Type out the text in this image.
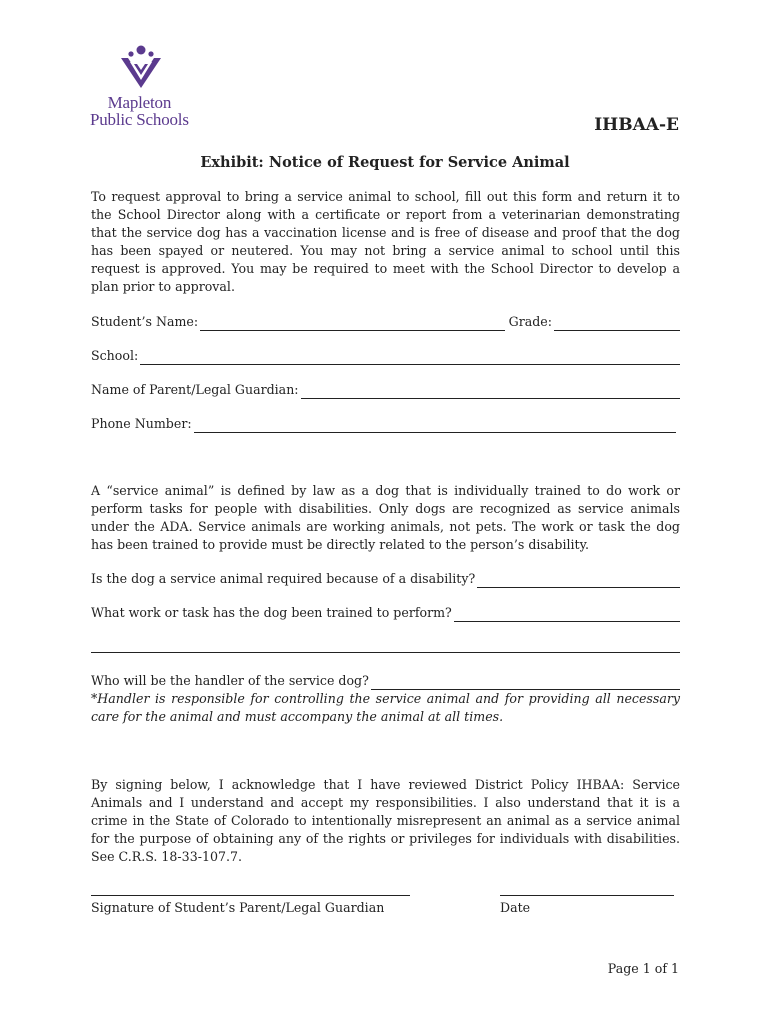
Mapleton
Public Schools	IHBAA-E
Exhibit: Notice of Request for Service Animal
To request approval to bring a service animal to school, fill out this form and return it to the School Director along with a certificate or report from a veterinarian demonstrating that the service dog has a vaccination license and is free of disease and proof that the dog has been spayed or neutered. You may not bring a service animal to school until this request is approved. You may be required to meet with the School Director to develop a plan prior to approval.
Student’s Name:	Grade:
School:
Name of Parent/Legal Guardian:
Phone Number:
A “service animal” is defined by law as a dog that is individually trained to do work or perform tasks for people with disabilities. Only dogs are recognized as service animals under the ADA. Service animals are working animals, not pets. The work or task the dog has been trained to provide must be directly related to the person’s disability.
Is the dog a service animal required because of a disability?
What work or task has the dog been trained to perform?
Who will be the handler of the service dog?
*Handler is responsible for controlling the service animal and for providing all necessary care for the animal and must accompany the animal at all times.
By signing below, I acknowledge that I have reviewed District Policy IHBAA: Service Animals and I understand and accept my responsibilities. I also understand that it is a crime in the State of Colorado to intentionally misrepresent an animal as a service animal for the purpose of obtaining any of the rights or privileges for individuals with disabilities. See C.R.S. 18-33-107.7.
Signature of Student’s Parent/Legal Guardian	Date
Page 1 of 1
